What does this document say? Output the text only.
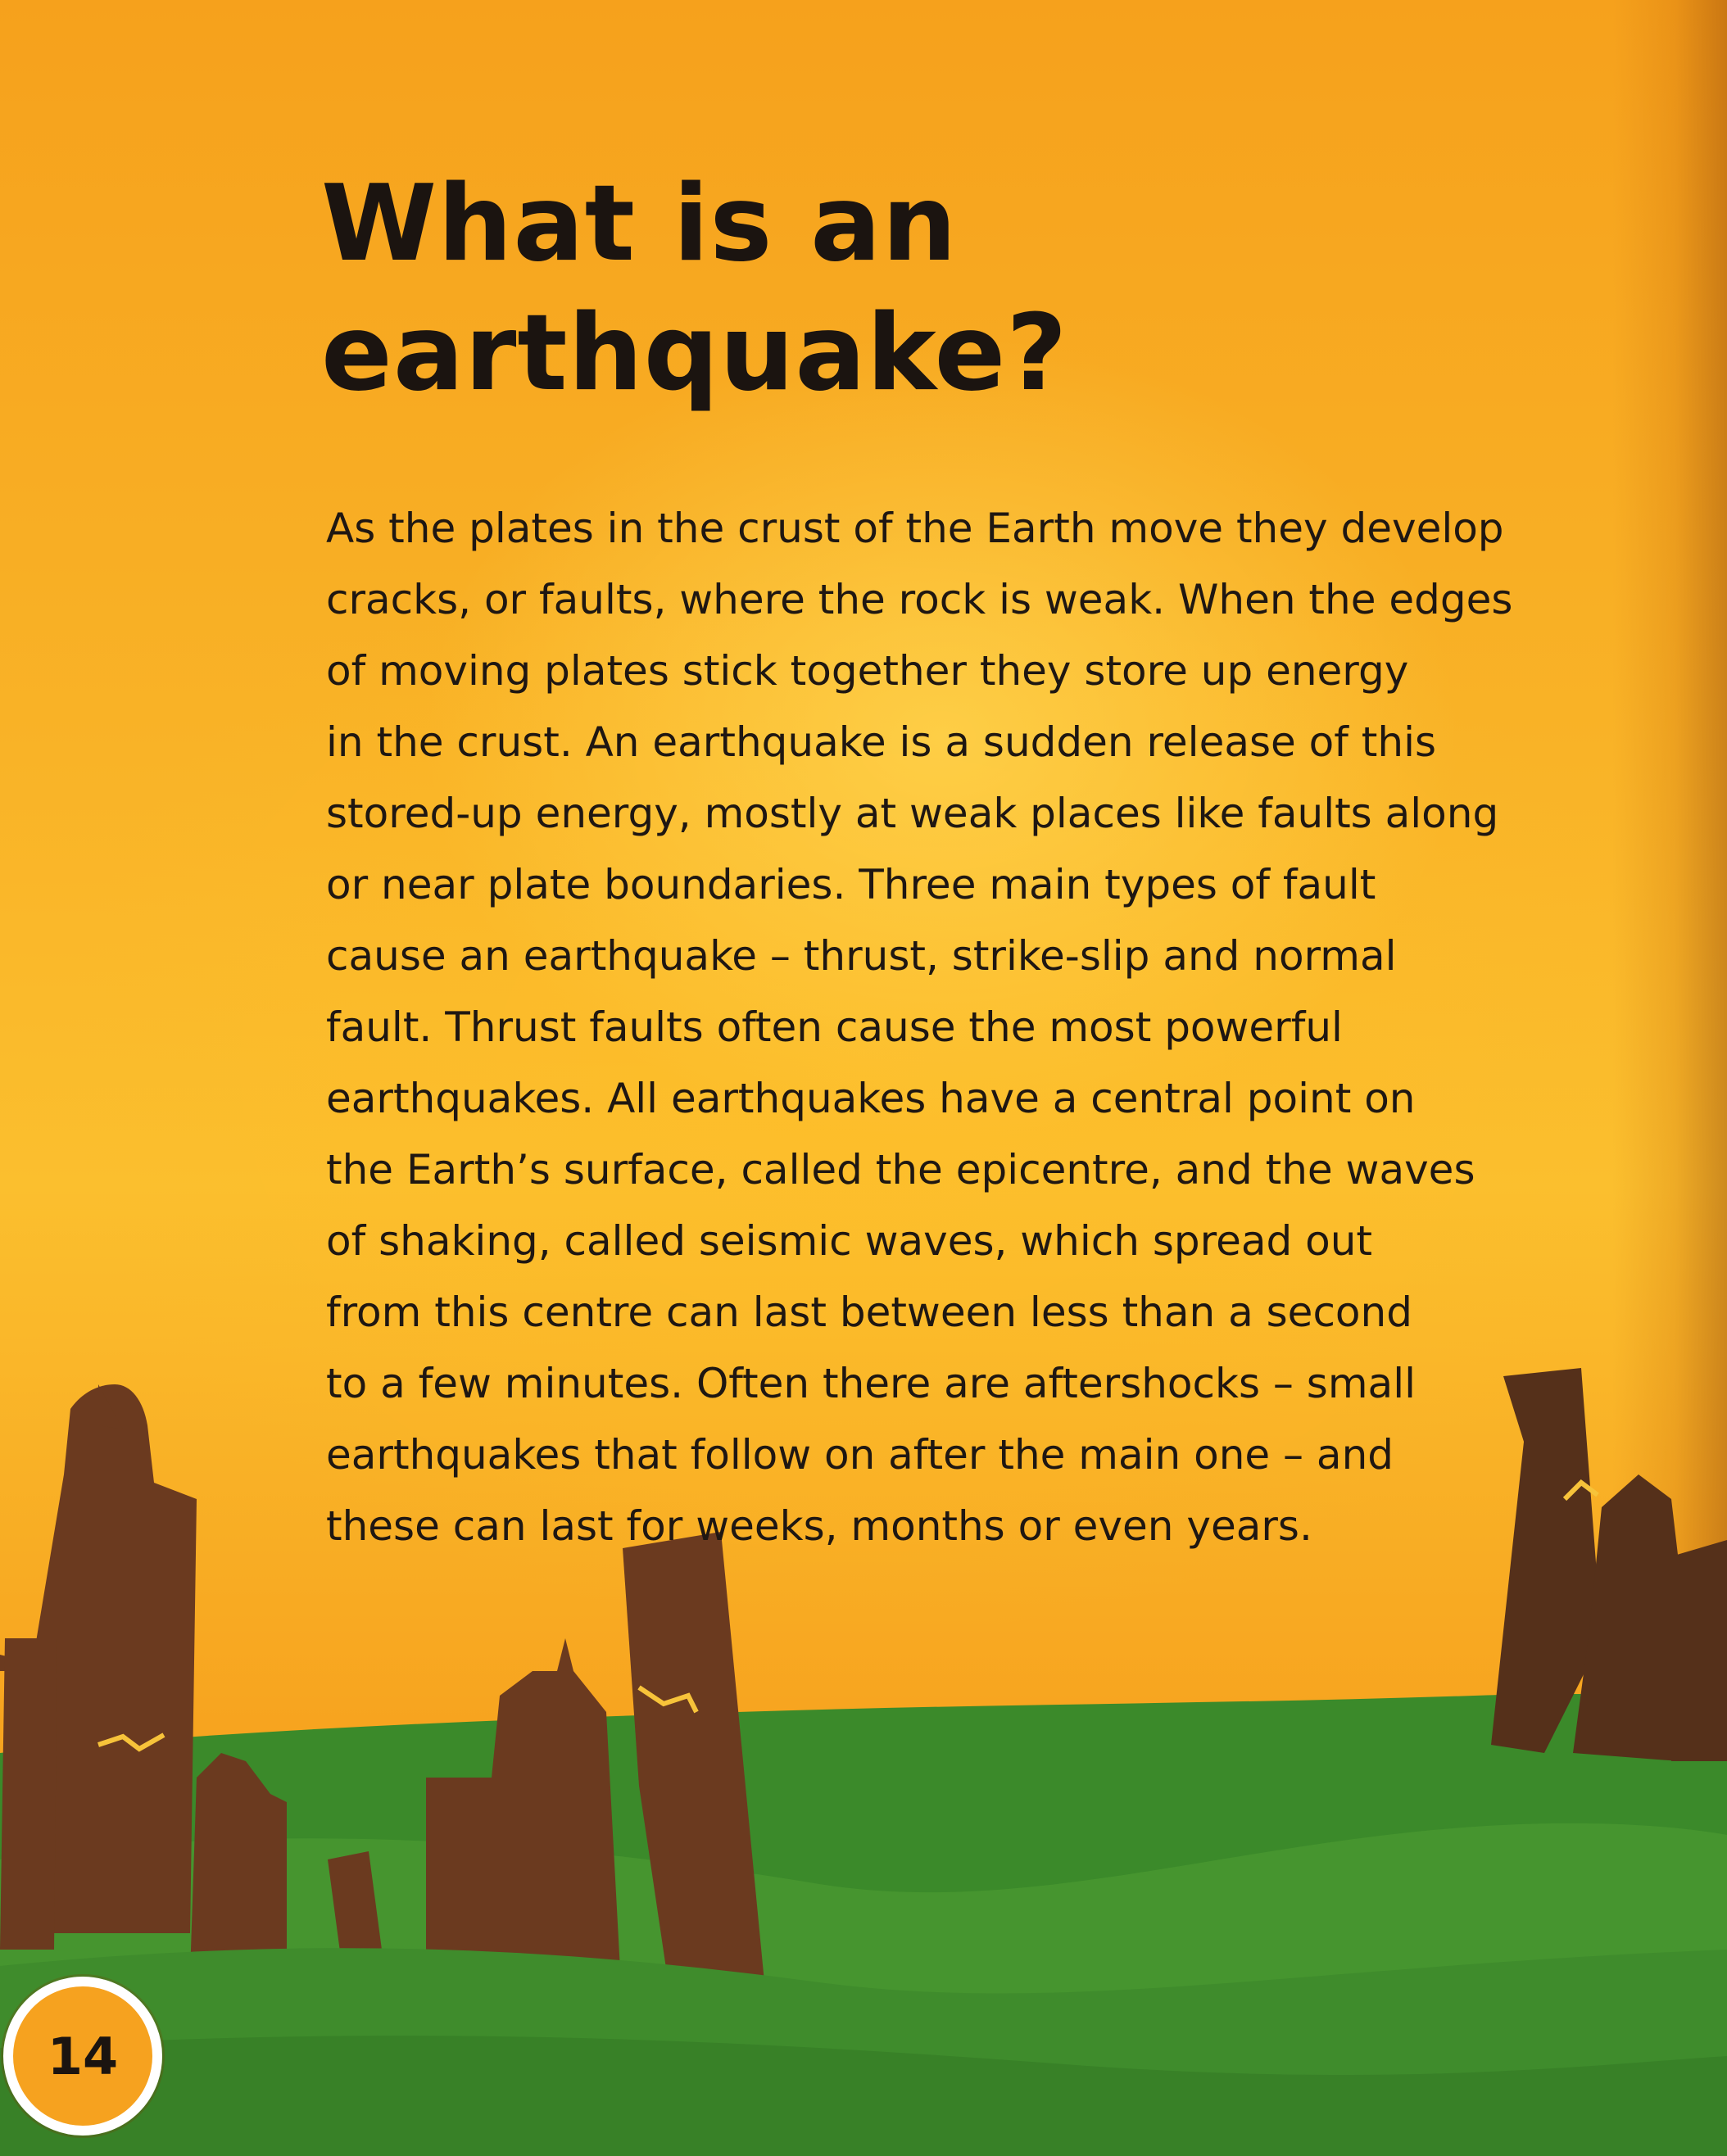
What is an
earthquake?
As the plates in the crust of the Earth move they develop
cracks, or faults, where the rock is weak. When the edges
of moving plates stick together they store up energy
in the crust. An earthquake is a sudden release of this
stored-up energy, mostly at weak places like faults along
or near plate boundaries. Three main types of fault
cause an earthquake – thrust, strike-slip and normal
fault. Thrust faults often cause the most powerful
earthquakes. All earthquakes have a central point on
the Earth’s surface, called the epicentre, and the waves
of shaking, called seismic waves, which spread out
from this centre can last between less than a second
to a few minutes. Often there are aftershocks – small
earthquakes that follow on after the main one – and
these can last for weeks, months or even years.
14
